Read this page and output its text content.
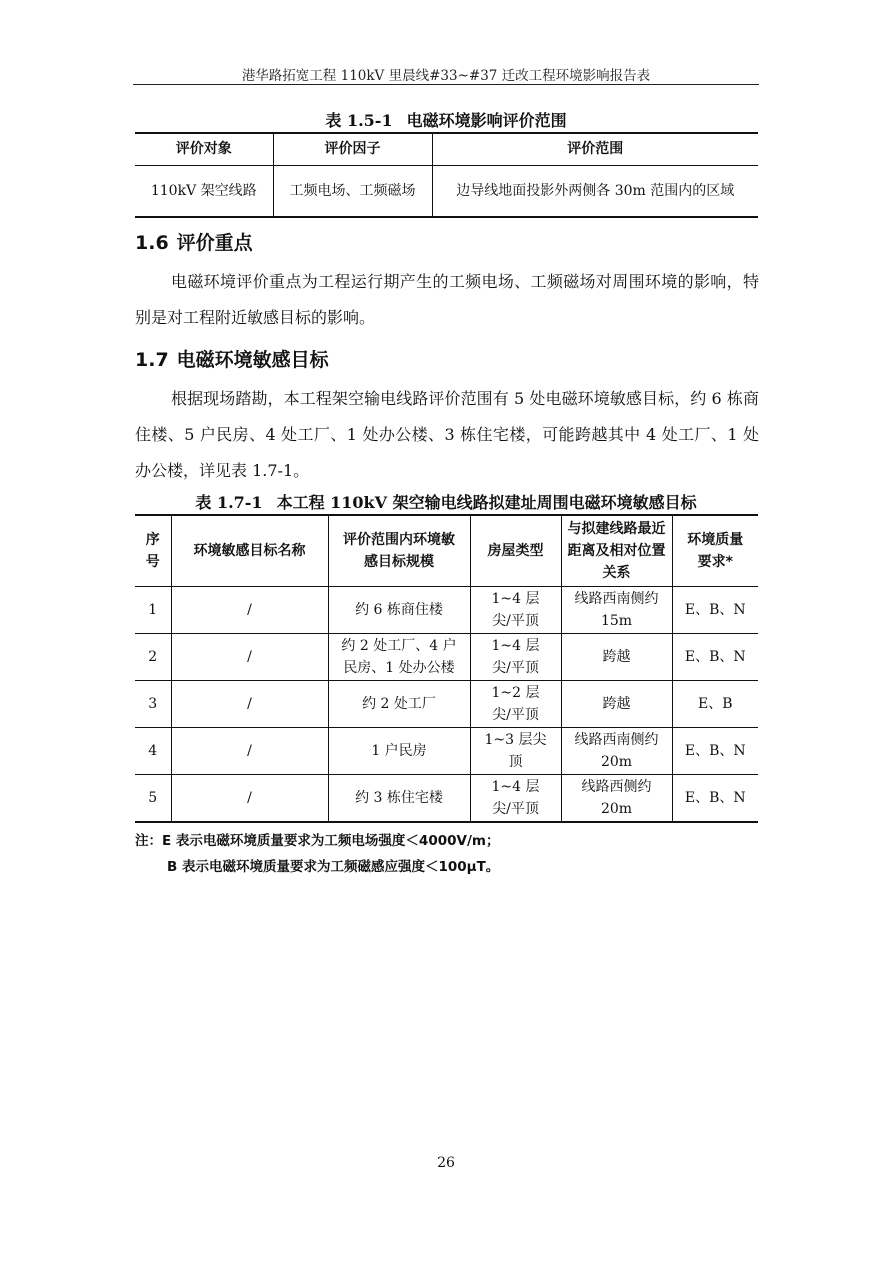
港华路拓宽工程 110kV 里晨线#33~#37 迁改工程环境影响报告表
表 1.5-1 电磁环境影响评价范围
评价对象	评价因子	评价范围
110kV 架空线路	工频电场、工频磁场	边导线地面投影外两侧各 30m 范围内的区域
1.6 评价重点
电磁环境评价重点为工程运行期产生的工频电场、工频磁场对周围环境的影响，特别是对工程附近敏感目标的影响。
1.7 电磁环境敏感目标
根据现场踏勘，本工程架空输电线路评价范围有 5 处电磁环境敏感目标，约 6 栋商住楼、5 户民房、4 处工厂、1 处办公楼、3 栋住宅楼，可能跨越其中 4 处工厂、1 处办公楼，详见表 1.7-1。
表 1.7-1 本工程 110kV 架空输电线路拟建址周围电磁环境敏感目标
序号	环境敏感目标名称	评价范围内环境敏感目标规模	房屋类型	与拟建线路最近距离及相对位置关系	环境质量要求*
1	/	约 6 栋商住楼	1~4 层尖/平顶	线路西南侧约 15m	E、B、N
2	/	约 2 处工厂、4 户民房、1 处办公楼	1~4 层尖/平顶	跨越	E、B、N
3	/	约 2 处工厂	1~2 层尖/平顶	跨越	E、B
4	/	1 户民房	1~3 层尖顶	线路西南侧约 20m	E、B、N
5	/	约 3 栋住宅楼	1~4 层尖/平顶	线路西侧约 20m	E、B、N
注：E 表示电磁环境质量要求为工频电场强度＜4000V/m；
B 表示电磁环境质量要求为工频磁感应强度＜100μT。
26
